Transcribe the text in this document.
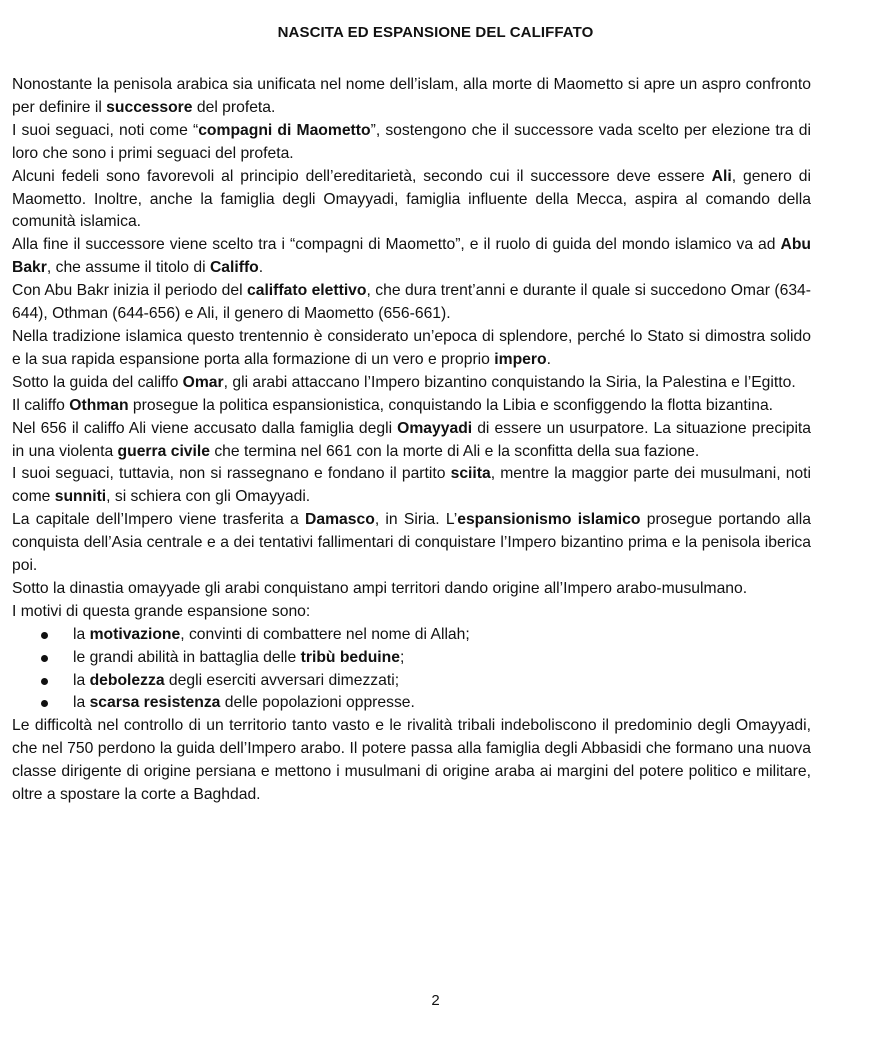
NASCITA ED ESPANSIONE DEL CALIFFATO

Nonostante la penisola arabica sia unificata nel nome dell’islam, alla morte di Maometto si apre un aspro confronto per definire il successore del profeta.

I suoi seguaci, noti come “compagni di Maometto”, sostengono che il successore vada scelto per elezione tra di loro che sono i primi seguaci del profeta.

Alcuni fedeli sono favorevoli al principio dell’ereditarietà, secondo cui il successore deve essere Ali, genero di Maometto. Inoltre, anche la famiglia degli Omayyadi, famiglia influente della Mecca, aspira al comando della comunità islamica.

Alla fine il successore viene scelto tra i “compagni di Maometto”, e il ruolo di guida del mondo islamico va ad Abu Bakr, che assume il titolo di Califfo.

Con Abu Bakr inizia il periodo del califfato elettivo, che dura trent’anni e durante il quale si succedono Omar (634-644), Othman (644-656) e Ali, il genero di Maometto (656-661).

Nella tradizione islamica questo trentennio è considerato un’epoca di splendore, perché lo Stato si dimostra solido e la sua rapida espansione porta alla formazione di un vero e proprio impero.

Sotto la guida del califfo Omar, gli arabi attaccano l’Impero bizantino conquistando la Siria, la Palestina e l’Egitto.

Il califfo Othman prosegue la politica espansionistica, conquistando la Libia e sconfiggendo la flotta bizantina.

Nel 656 il califfo Ali viene accusato dalla famiglia degli Omayyadi di essere un usurpatore. La situazione precipita in una violenta guerra civile che termina nel 661 con la morte di Ali e la sconfitta della sua fazione.

I suoi seguaci, tuttavia, non si rassegnano e fondano il partito sciita, mentre la maggior parte dei musulmani, noti come sunniti, si schiera con gli Omayyadi.

La capitale dell’Impero viene trasferita a Damasco, in Siria. L’espansionismo islamico prosegue portando alla conquista dell’Asia centrale e a dei tentativi fallimentari di conquistare l’Impero bizantino prima e la penisola iberica poi.

Sotto la dinastia omayyade gli arabi conquistano ampi territori dando origine all’Impero arabo-musulmano.

I motivi di questa grande espansione sono:

la motivazione, convinti di combattere nel nome di Allah;
le grandi abilità in battaglia delle tribù beduine;
la debolezza degli eserciti avversari dimezzati;
la scarsa resistenza delle popolazioni oppresse.

Le difficoltà nel controllo di un territorio tanto vasto e le rivalità tribali indeboliscono il predominio degli Omayyadi, che nel 750 perdono la guida dell’Impero arabo. Il potere passa alla famiglia degli Abbasidi che formano una nuova classe dirigente di origine persiana e mettono i musulmani di origine araba ai margini del potere politico e militare, oltre a spostare la corte a Baghdad.

2
